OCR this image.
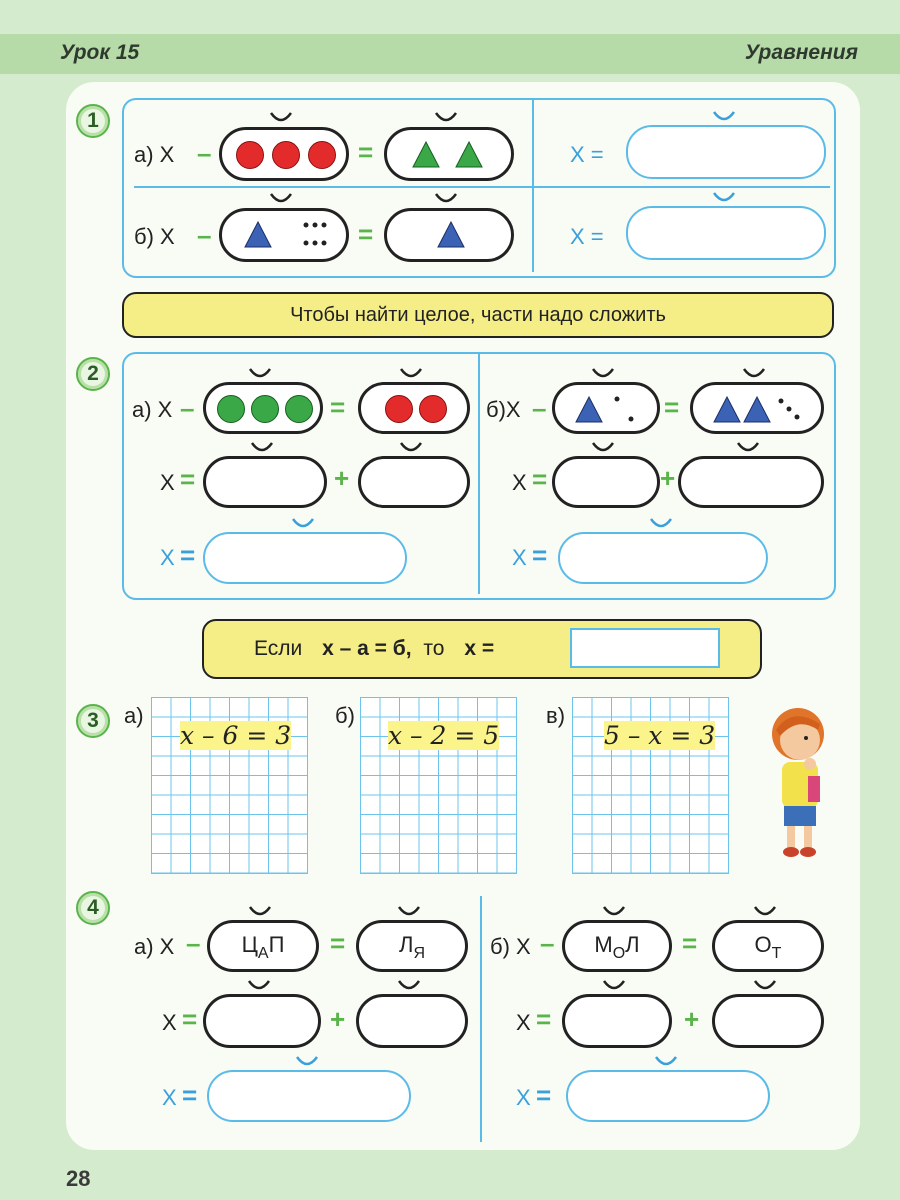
Урок 15	Уравнения
1
а) Х –	=	Х =
б) Х –	=	Х =
Чтобы найти целое, части надо сложить
2
а) Х –	=
Х =	+
Х =
б)Х –	=
Х =	+
Х =
Если х – а = б, то х =
3	а)
х – 6 = 3
б)
х – 2 = 5
в)
5 – х = 3
4
а) Х –	$Ц_АП$	=	$Л_Я$
Х =	+
Х =
б) Х –	$М_ОЛ$	=	$О_Т$
Х =	+
Х =
28
